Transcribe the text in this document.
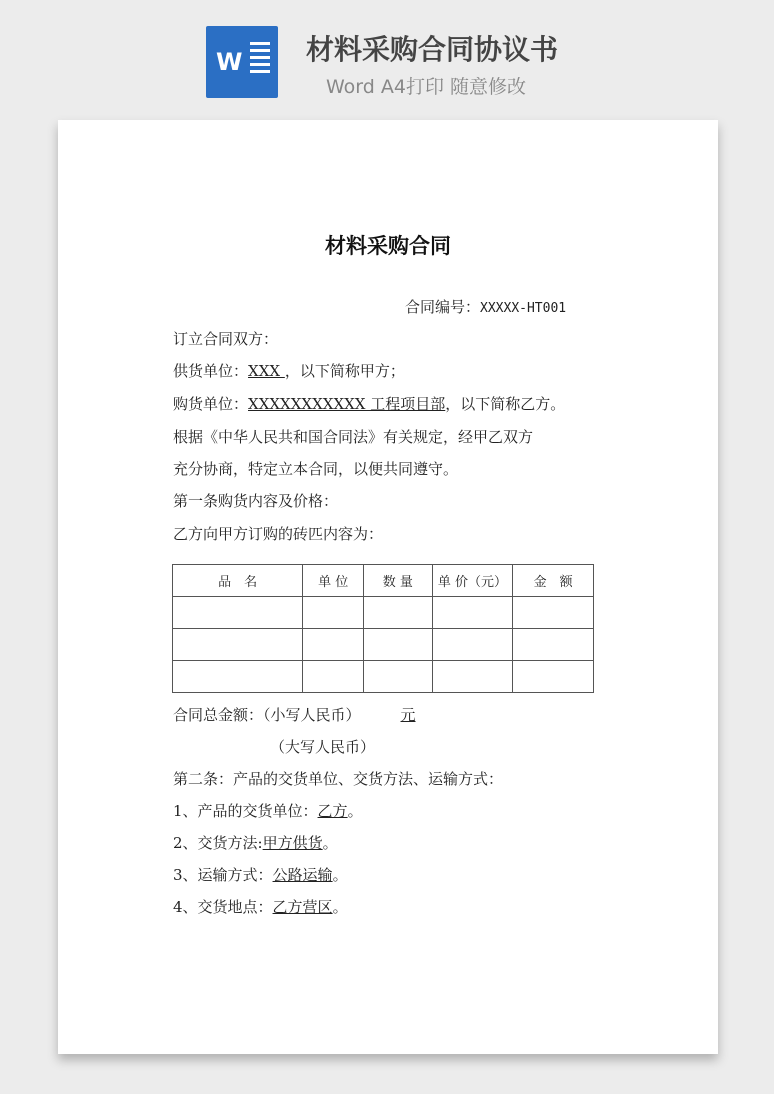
W 材料采购合同协议书
Word A4打印 随意修改

材料采购合同
合同编号：XXXXX-HT001
订立合同双方：
供货单位：XXX ，以下简称甲方；
购货单位：XXXXXXXXXXX 工程项目部，以下简称乙方。
根据《中华人民共和国合同法》有关规定，经甲乙双方
充分协商，特定立本合同，以便共同遵守。
第一条购货内容及价格：
乙方向甲方订购的砖匹内容为：
品　名	单 位	数 量	单 价（元）	金　额

合同总金额：（小写人民币）	元
（大写人民币）
第二条：产品的交货单位、交货方法、运输方式：
1、产品的交货单位：乙方。
2、交货方法:甲方供货。
3、运输方式：公路运输。
4、交货地点：乙方营区。
